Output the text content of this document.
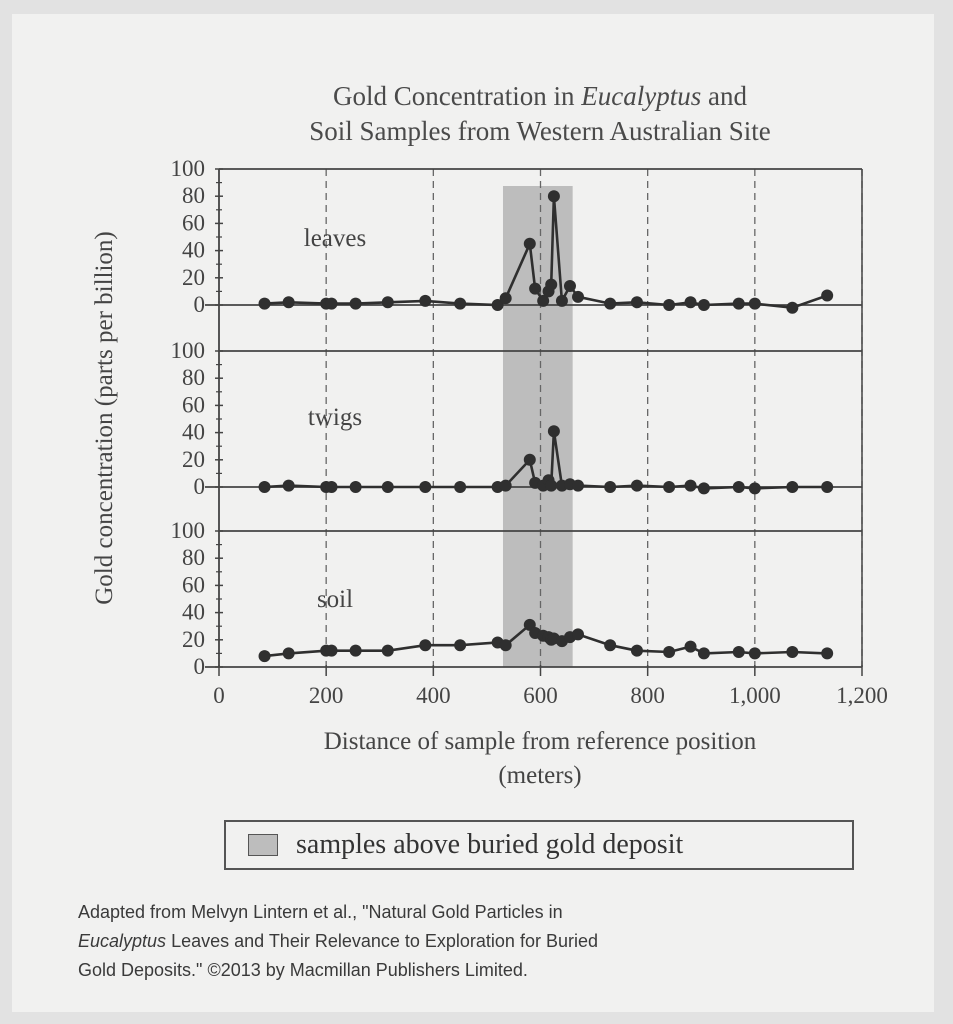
Gold Concentration in Eucalyptus and
Soil Samples from Western Australian Site
0
20
40
60
80
100
leaves
0
20
40
60
80
100
twigs
0
20
40
60
80
100
soil
0	200	400	600	800	1,000 1,200
Gold concentration (parts per billion)
Distance of sample from reference position
(meters)
samples above buried gold deposit
Adapted from Melvyn Lintern et al., "Natural Gold Particles in
Eucalyptus Leaves and Their Relevance to Exploration for Buried
Gold Deposits." ©2013 by Macmillan Publishers Limited.
